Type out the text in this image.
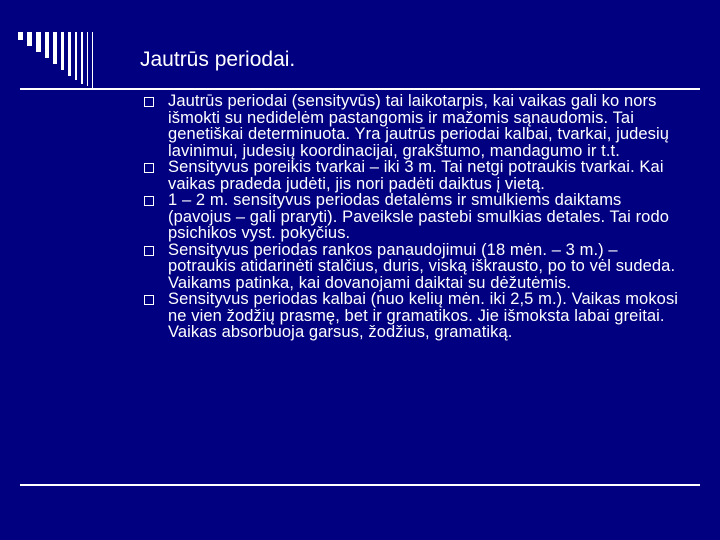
Jautrūs periodai.
Jautrūs periodai (sensityvūs) tai laikotarpis, kai vaikas gali ko nors išmokti su nedidelėm pastangomis ir mažomis sąnaudomis. Tai genetiškai determinuota. Yra jautrūs periodai kalbai, tvarkai, judesių lavinimui, judesių koordinacijai, grakštumo, mandagumo ir t.t.
Sensityvus poreikis tvarkai – iki 3 m. Tai netgi potraukis tvarkai. Kai vaikas pradeda judėti, jis nori padėti daiktus į vietą.
1 – 2 m. sensityvus periodas detalėms ir smulkiems daiktams (pavojus – gali praryti). Paveiksle pastebi smulkias detales. Tai rodo psichikos vyst. pokyčius.
Sensityvus periodas rankos panaudojimui (18 mėn. – 3 m.) – potraukis atidarinėti stalčius, duris, viską iškrausto, po to vėl sudeda. Vaikams patinka, kai dovanojami daiktai su dėžutėmis.
Sensityvus periodas kalbai (nuo kelių mėn. iki 2,5 m.). Vaikas mokosi ne vien žodžių prasmę, bet ir gramatikos. Jie išmoksta labai greitai. Vaikas absorbuoja garsus, žodžius, gramatiką.
